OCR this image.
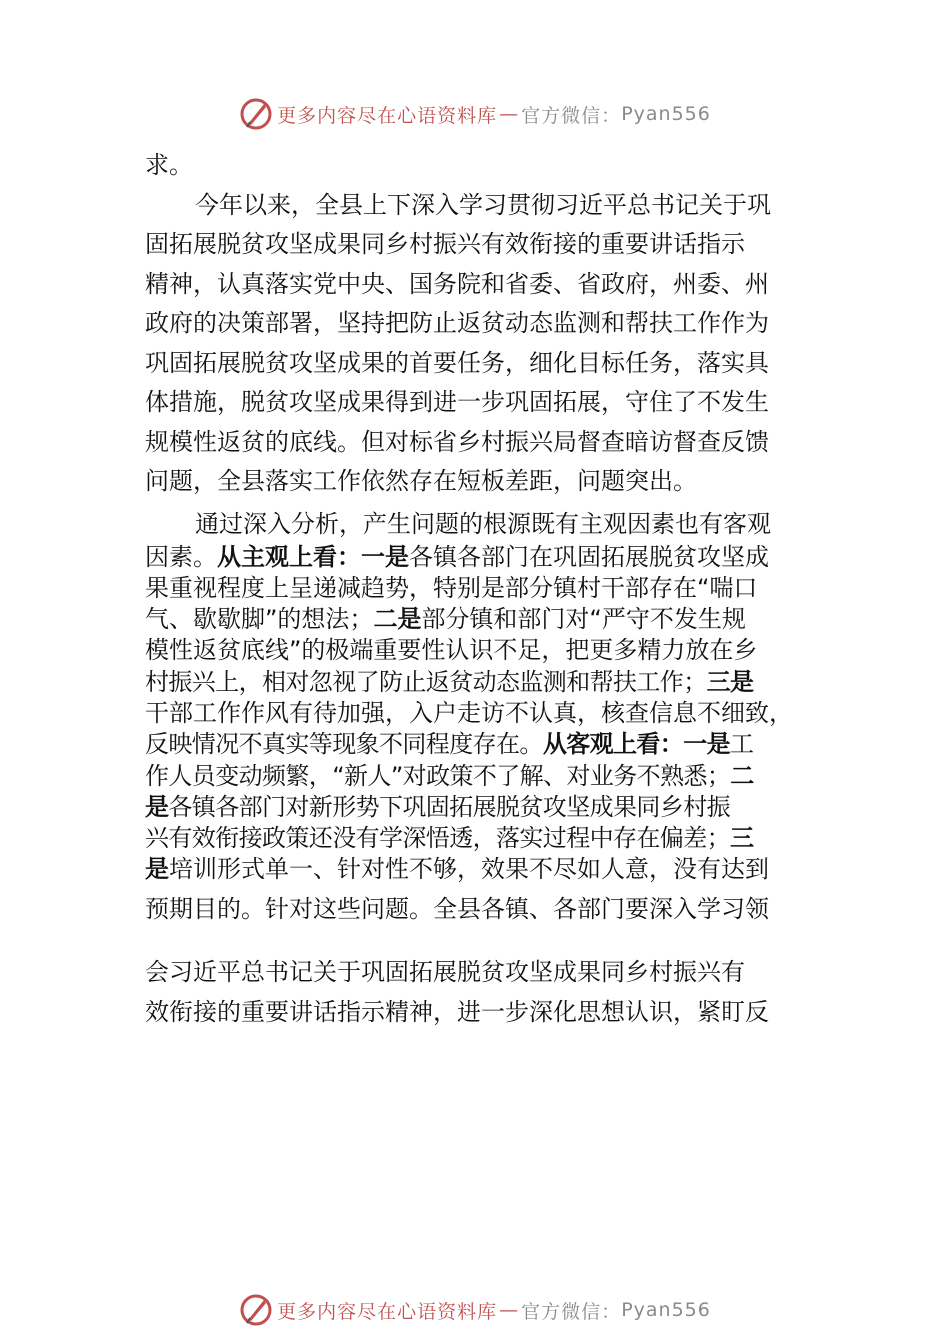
更多内容尽在心语资料库 — 官方微信： Pyan556

求。

今年以来，全县上下深入学习贯彻习近平总书记关于巩

固拓展脱贫攻坚成果同乡村振兴有效衔接的重要讲话指示

精神，认真落实党中央、国务院和省委、省政府，州委、州

政府的决策部署，坚持把防止返贫动态监测和帮扶工作作为

巩固拓展脱贫攻坚成果的首要任务，细化目标任务，落实具

体措施，脱贫攻坚成果得到进一步巩固拓展，守住了不发生

规模性返贫的底线。但对标省乡村振兴局督查暗访督查反馈

问题，全县落实工作依然存在短板差距，问题突出。

通过深入分析，产生问题的根源既有主观因素也有客观

因素。从主观上看：一是各镇各部门在巩固拓展脱贫攻坚成
果重视程度上呈递减趋势，特别是部分镇村干部存在“喘口
气、歇歇脚”的想法；二是部分镇和部门对“严守不发生规
模性返贫底线”的极端重要性认识不足，把更多精力放在乡
村振兴上，相对忽视了防止返贫动态监测和帮扶工作；三是
干部工作作风有待加强，入户走访不认真，核查信息不细致，
反映情况不真实等现象不同程度存在。从客观上看：一是工
作人员变动频繁，“新人”对政策不了解、对业务不熟悉；二
是各镇各部门对新形势下巩固拓展脱贫攻坚成果同乡村振
兴有效衔接政策还没有学深悟透，落实过程中存在偏差；三
是培训形式单一、针对性不够，效果不尽如人意，没有达到

预期目的。针对这些问题。全县各镇、各部门要深入学习领

会习近平总书记关于巩固拓展脱贫攻坚成果同乡村振兴有

效衔接的重要讲话指示精神，进一步深化思想认识，紧盯反

更多内容尽在心语资料库 — 官方微信： Pyan556
